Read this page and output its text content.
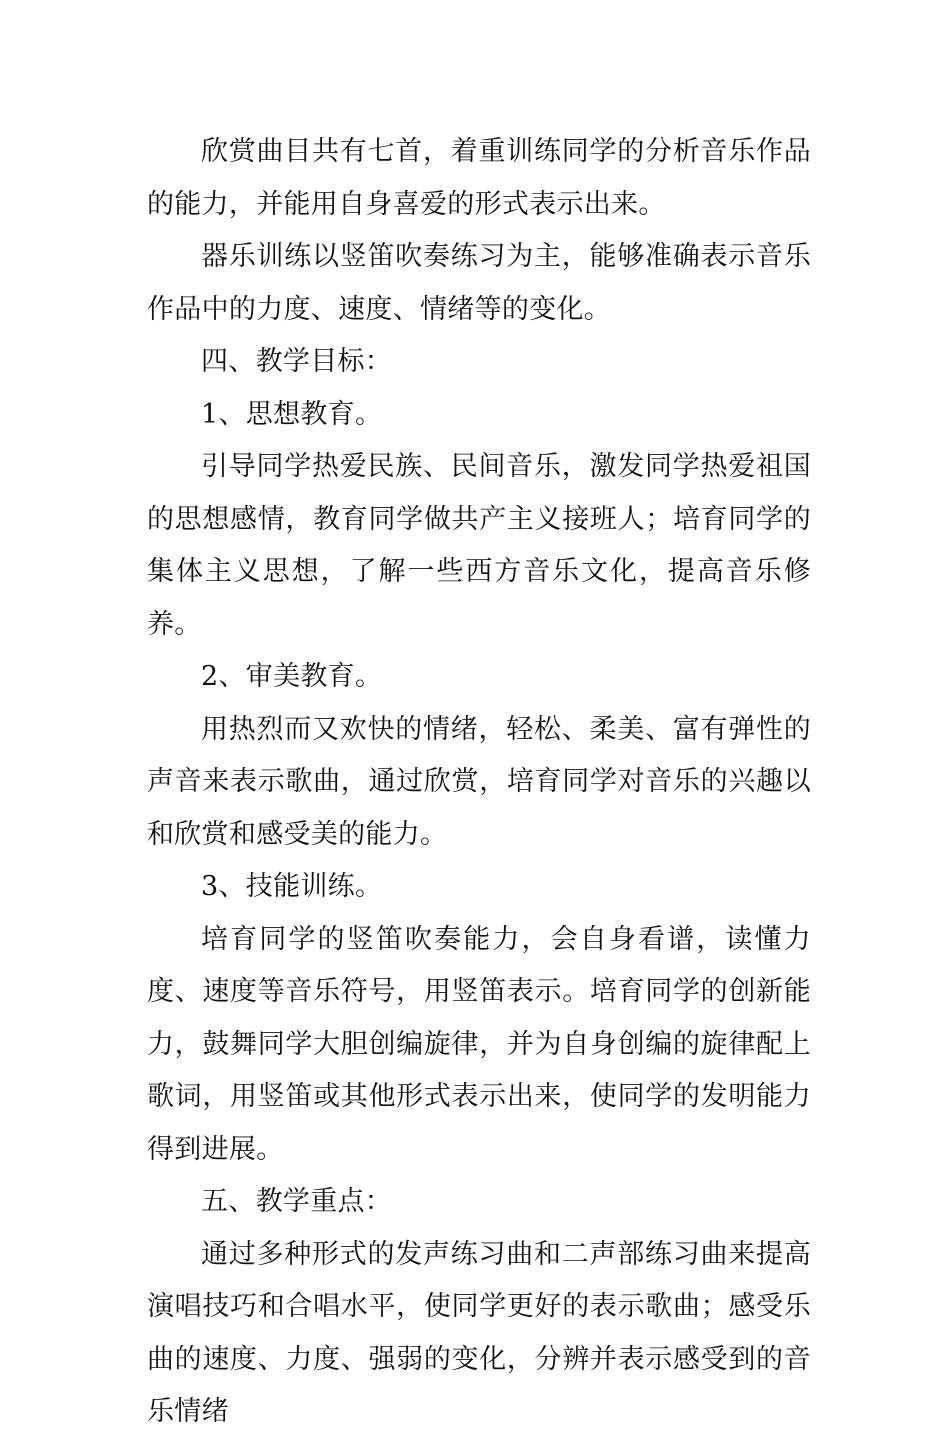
欣赏曲目共有七首，着重训练同学的分析音乐作品的能力，并能用自身喜爱的形式表示出来。

器乐训练以竖笛吹奏练习为主，能够准确表示音乐作品中的力度、速度、情绪等的变化。

四、教学目标：

1、思想教育。

引导同学热爱民族、民间音乐，激发同学热爱祖国的思想感情，教育同学做共产主义接班人；培育同学的集体主义思想，了解一些西方音乐文化，提高音乐修养。

2、审美教育。

用热烈而又欢快的情绪，轻松、柔美、富有弹性的声音来表示歌曲，通过欣赏，培育同学对音乐的兴趣以和欣赏和感受美的能力。

3、技能训练。

培育同学的竖笛吹奏能力，会自身看谱，读懂力度、速度等音乐符号，用竖笛表示。培育同学的创新能力，鼓舞同学大胆创编旋律，并为自身创编的旋律配上歌词，用竖笛或其他形式表示出来，使同学的发明能力得到进展。

五、教学重点：

通过多种形式的发声练习曲和二声部练习曲来提高演唱技巧和合唱水平，使同学更好的表示歌曲；感受乐曲的速度、力度、强弱的变化，分辨并表示感受到的音乐情绪
